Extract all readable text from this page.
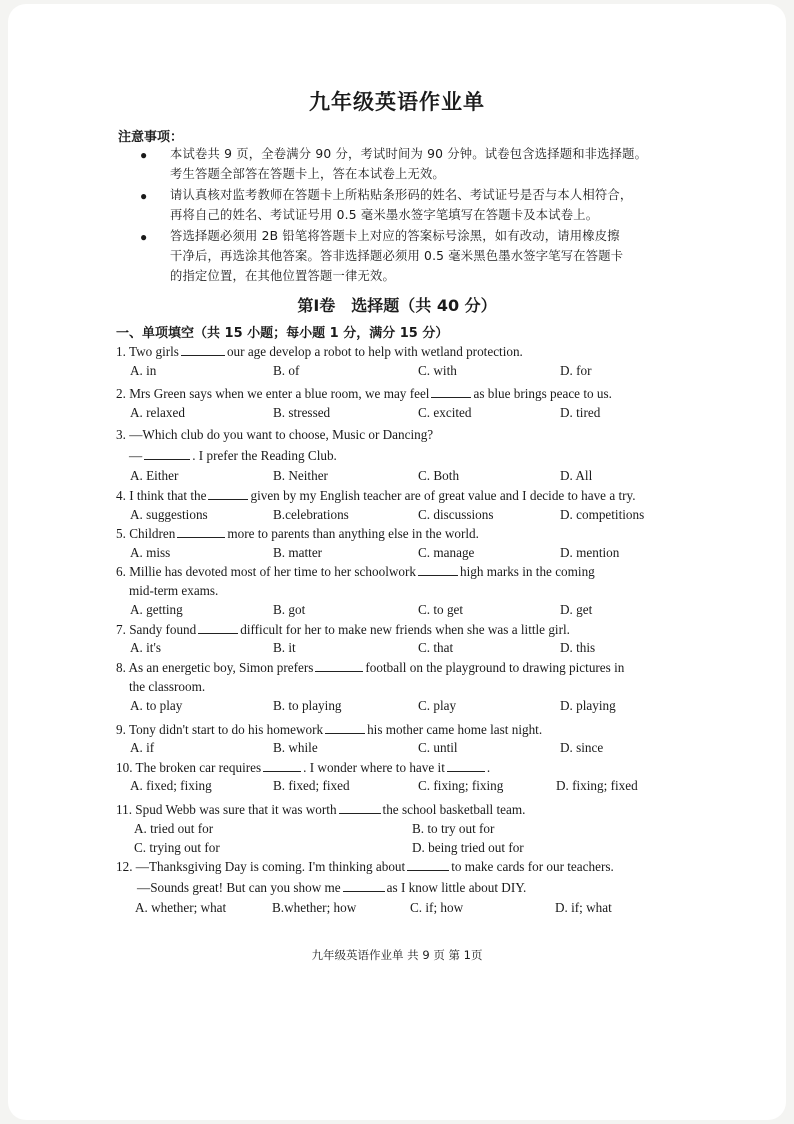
九年级英语作业单
注意事项：
● 本试卷共 9 页，全卷满分 90 分，考试时间为 90 分钟。试卷包含选择题和非选择题。
考生答题全部答在答题卡上，答在本试卷上无效。
● 请认真核对监考教师在答题卡上所粘贴条形码的姓名、考试证号是否与本人相符合，
再将自己的姓名、考试证号用 0.5 毫米墨水签字笔填写在答题卡及本试卷上。
● 答选择题必须用 2B 铅笔将答题卡上对应的答案标号涂黑，如有改动，请用橡皮擦
干净后，再选涂其他答案。答非选择题必须用 0.5 毫米黑色墨水签字笔写在答题卡
的指定位置，在其他位置答题一律无效。
第Ⅰ卷　选择题（共 40 分）
一、单项填空（共 15 小题；每小题 1 分，满分 15 分）
1. Two girls	our age develop a robot to help with wetland protection.
A. in	B. of	C. with	D. for
2. Mrs Green says when we enter a blue room, we may feel	as blue brings peace to us.
A. relaxed	B. stressed	C. excited	D. tired
3. —Which club do you want to choose, Music or Dancing?
—	. I prefer the Reading Club.
A. Either	B. Neither	C. Both	D. All
4. I think that the	given by my English teacher are of great value and I decide to have a try.
A. suggestions	B.celebrations	C. discussions	D. competitions
5. Children	more to parents than anything else in the world.
A. miss	B. matter	C. manage	D. mention
6. Millie has devoted most of her time to her schoolwork	high marks in the coming
mid-term exams.
A. getting	B. got	C. to get	D. get
7. Sandy found	difficult for her to make new friends when she was a little girl.
A. it's	B. it	C. that	D. this
8. As an energetic boy, Simon prefers	football on the playground to drawing pictures in
the classroom.
A. to play	B. to playing	C. play	D. playing
9. Tony didn't start to do his homework	his mother came home last night.
A. if	B. while	C. until	D. since
10. The broken car requires	. I wonder where to have it	.
A. fixed; fixing	B. fixed; fixed	C. fixing; fixing	D. fixing; fixed
11. Spud Webb was sure that it was worth	the school basketball team.
A. tried out for	B. to try out for
C. trying out for	D. being tried out for
12. —Thanksgiving Day is coming. I'm thinking about	to make cards for our teachers.
—Sounds great! But can you show me	as I know little about DIY.
A. whether; what	B.whether; how	C. if; how	D. if; what
九年级英语作业单 共 9 页 第 1页
